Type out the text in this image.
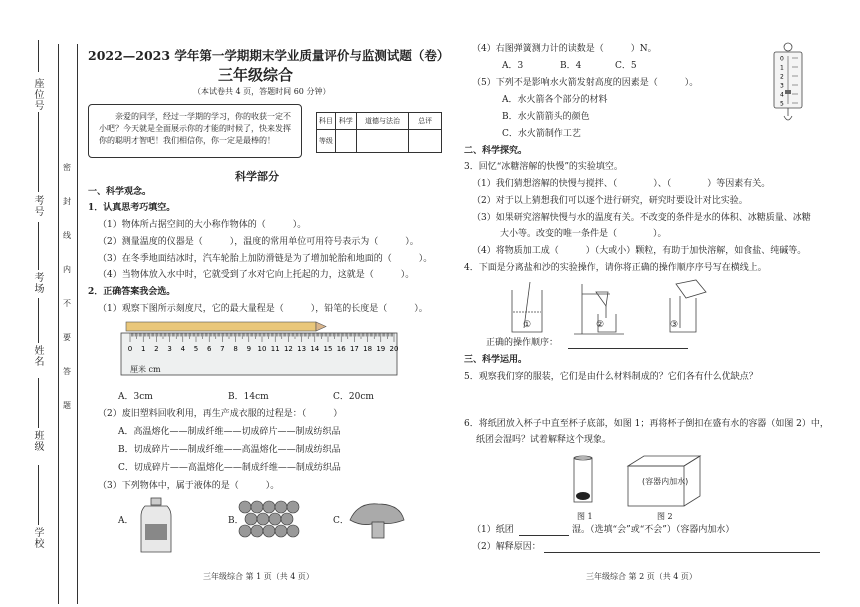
座位号
考号
考场
姓名
班级
学校
密
封
线
内
不
要
答
题
2022—2023 学年第一学期期末学业质量评价与监测试题（卷）
三年级综合
（本试卷共 4 页，答题时间 60 分钟）
亲爱的同学，经过一学期的学习，你的收获一定不小吧？今天就是全面展示你的才能的时候了，快来发挥你的聪明才智吧！我们相信你，你一定是最棒的！
科目 科学	道德与法治	总评
等级
科学部分
一、科学观念。
1．认真思考巧填空。
（1）物体所占据空间的大小称作物体的（　　　）。
（2）测量温度的仪器是（　　　），温度的常用单位可用符号表示为（　　　）。
（3）在冬季地面结冰时，汽车轮胎上加防滑链是为了增加轮胎和地面的（　　　）。
（4）当物体放入水中时，它就受到了水对它向上托起的力，这就是（　　　）。
2．正确答案我会选。
（1）观察下图所示刻度尺，它的最大量程是（　　　），铅笔的长度是（　　　）。
0 1 2 3 4 5 6 7 8 9 10 11 12 13 14 15 16 17 18 19 20
厘米 cm
A．3cm	B．14cm	C．20cm
（2）废旧塑料回收利用，再生产成衣服的过程是：（　　　）
A．高温熔化——制成纤维——切成碎片——制成纺织品
B．切成碎片——制成纤维——高温熔化——制成纺织品
C．切成碎片——高温熔化——制成纤维——制成纺织品
（3）下列物体中，属于液体的是（　　　）。
A．	B．	C．
三年级综合 第 1 页（共 4 页）
（4）右图弹簧测力计的读数是（　　　）N。
A．3	B．4	C．5
0
1
2
3
4
5
（5）下列不是影响水火箭发射高度的因素是（　　　）。
A．水火箭各个部分的材料
B．水火箭箭头的颜色
C．水火箭制作工艺
二、科学探究。
3．回忆“冰糖溶解的快慢”的实验填空。
（1）我们猜想溶解的快慢与搅拌、（　　　　）、（　　　　）等因素有关。
（2）对于以上猜想我们可以逐个进行研究，研究时要设计对比实验。
（3）如果研究溶解快慢与水的温度有关。不改变的条件是水的体积、冰糖质量、冰糖
大小等。改变的唯一条件是（　　　　）。
（4）将物质加工成（　　　）（大或小）颗粒，有助于加快溶解，如食盐、纯碱等。
4．下面是分离盐和沙的实验操作，请你将正确的操作顺序序号写在横线上。
①	②	③
正确的操作顺序：
三、科学运用。
5．观察我们穿的服装，它们是由什么材料制成的？它们各有什么优缺点？
6．将纸团放入杯子中直至杯子底部，如图 1；再将杯子倒扣在盛有水的容器（如图 2）中，
纸团会湿吗？试着解释这个现象。
(容器内加水)
图 1	图 2
（1）纸团	湿。（选填“会”或“不会”）（容器内加水）
（2）解释原因：
三年级综合 第 2 页（共 4 页）
